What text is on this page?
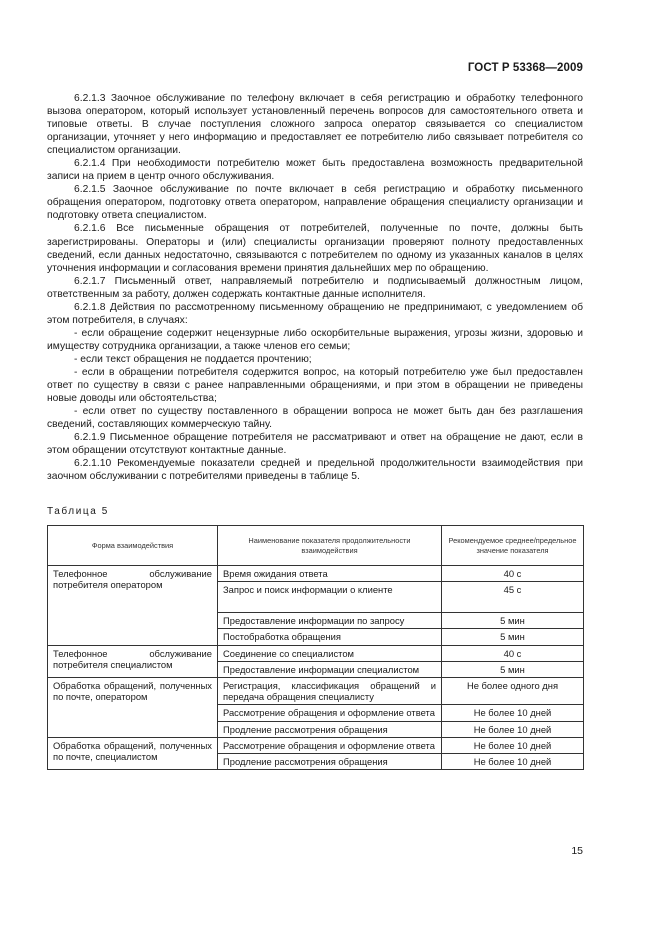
ГОСТ Р 53368—2009

6.2.1.3 Заочное обслуживание по телефону включает в себя регистрацию и обработку телефонного вызова оператором, который использует установленный перечень вопросов для самостоятельного ответа и типовые ответы. В случае поступления сложного запроса оператор связывается со специалистом организации, уточняет у него информацию и предоставляет ее потребителю либо связывает потребителя со специалистом организации.

6.2.1.4 При необходимости потребителю может быть предоставлена возможность предварительной записи на прием в центр очного обслуживания.

6.2.1.5 Заочное обслуживание по почте включает в себя регистрацию и обработку письменного обращения оператором, подготовку ответа оператором, направление обращения специалисту организации и подготовку ответа специалистом.

6.2.1.6 Все письменные обращения от потребителей, полученные по почте, должны быть зарегистрированы. Операторы и (или) специалисты организации проверяют полноту предоставленных сведений, если данных недостаточно, связываются с потребителем по одному из указанных каналов в целях уточнения информации и согласования времени принятия дальнейших мер по обращению.

6.2.1.7 Письменный ответ, направляемый потребителю и подписываемый должностным лицом, ответственным за работу, должен содержать контактные данные исполнителя.

6.2.1.8 Действия по рассмотренному письменному обращению не предпринимают, с уведомлением об этом потребителя, в случаях:

- если обращение содержит нецензурные либо оскорбительные выражения, угрозы жизни, здоровью и имуществу сотрудника организации, а также членов его семьи;

- если текст обращения не поддается прочтению;

- если в обращении потребителя содержится вопрос, на который потребителю уже был предоставлен ответ по существу в связи с ранее направленными обращениями, и при этом в обращении не приведены новые доводы или обстоятельства;

- если ответ по существу поставленного в обращении вопроса не может быть дан без разглашения сведений, составляющих коммерческую тайну.

6.2.1.9 Письменное обращение потребителя не рассматривают и ответ на обращение не дают, если в этом обращении отсутствуют контактные данные.

6.2.1.10 Рекомендуемые показатели средней и предельной продолжительности взаимодействия при заочном обслуживании с потребителями приведены в таблице 5.

Таблица 5
Форма взаимодействия	Наименование показателя продолжительности взаимодействия	Рекомендуемое среднее/предельное значение показателя
Телефонное обслуживание потребителя оператором	Время ожидания ответа	40 с
	Запрос и поиск информации о клиенте	45 с
	Предоставление информации по запросу	5 мин
	Постобработка обращения	5 мин
Телефонное обслуживание потребителя специалистом	Соединение со специалистом	40 с
	Предоставление информации специалистом	5 мин
Обработка обращений, полученных по почте, оператором	Регистрация, классификация обращений и передача обращения специалисту	Не более одного дня
	Рассмотрение обращения и оформление ответа	Не более 10 дней
	Продление рассмотрения обращения	Не более 10 дней
Обработка обращений, полученных по почте, специалистом	Рассмотрение обращения и оформление ответа	Не более 10 дней
	Продление рассмотрения обращения	Не более 10 дней
15
